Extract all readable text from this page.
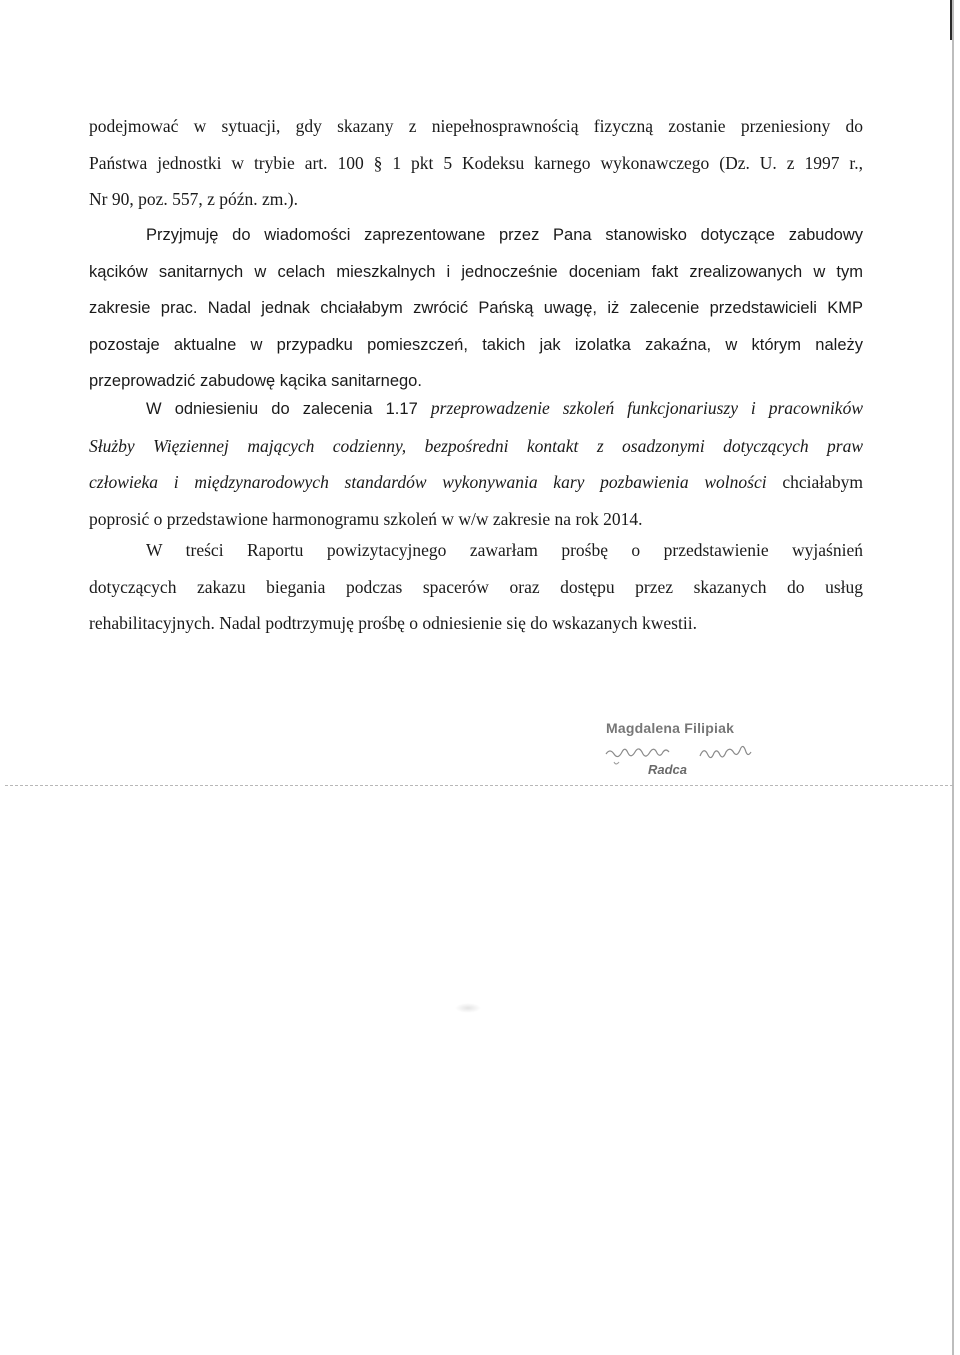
podejmować w sytuacji, gdy skazany z niepełnosprawnością fizyczną zostanie przeniesiony do
Państwa jednostki w trybie art. 100 § 1 pkt 5 Kodeksu karnego wykonawczego (Dz. U. z 1997 r.,
Nr 90, poz. 557, z późn. zm.).
Przyjmuję do wiadomości zaprezentowane przez Pana stanowisko dotyczące zabudowy
kącików sanitarnych w celach mieszkalnych i jednocześnie doceniam fakt zrealizowanych w tym
zakresie prac. Nadal jednak chciałabym zwrócić Pańską uwagę, iż zalecenie przedstawicieli KMP
pozostaje aktualne w przypadku pomieszczeń, takich jak izolatka zakaźna, w którym należy
przeprowadzić zabudowę kącika sanitarnego.
W odniesieniu do zalecenia 1.17 przeprowadzenie szkoleń funkcjonariuszy i pracowników
Służby Więziennej mających codzienny, bezpośredni kontakt z osadzonymi dotyczących praw
człowieka i międzynarodowych standardów wykonywania kary pozbawienia wolności chciałabym
poprosić o przedstawione harmonogramu szkoleń w w/w zakresie na rok 2014.
W treści Raportu powizytacyjnego zawarłam prośbę o przedstawienie wyjaśnień
dotyczących zakazu biegania podczas spacerów oraz dostępu przez skazanych do usług
rehabilitacyjnych. Nadal podtrzymuję prośbę o odniesienie się do wskazanych kwestii.
Magdalena Filipiak
Radca
